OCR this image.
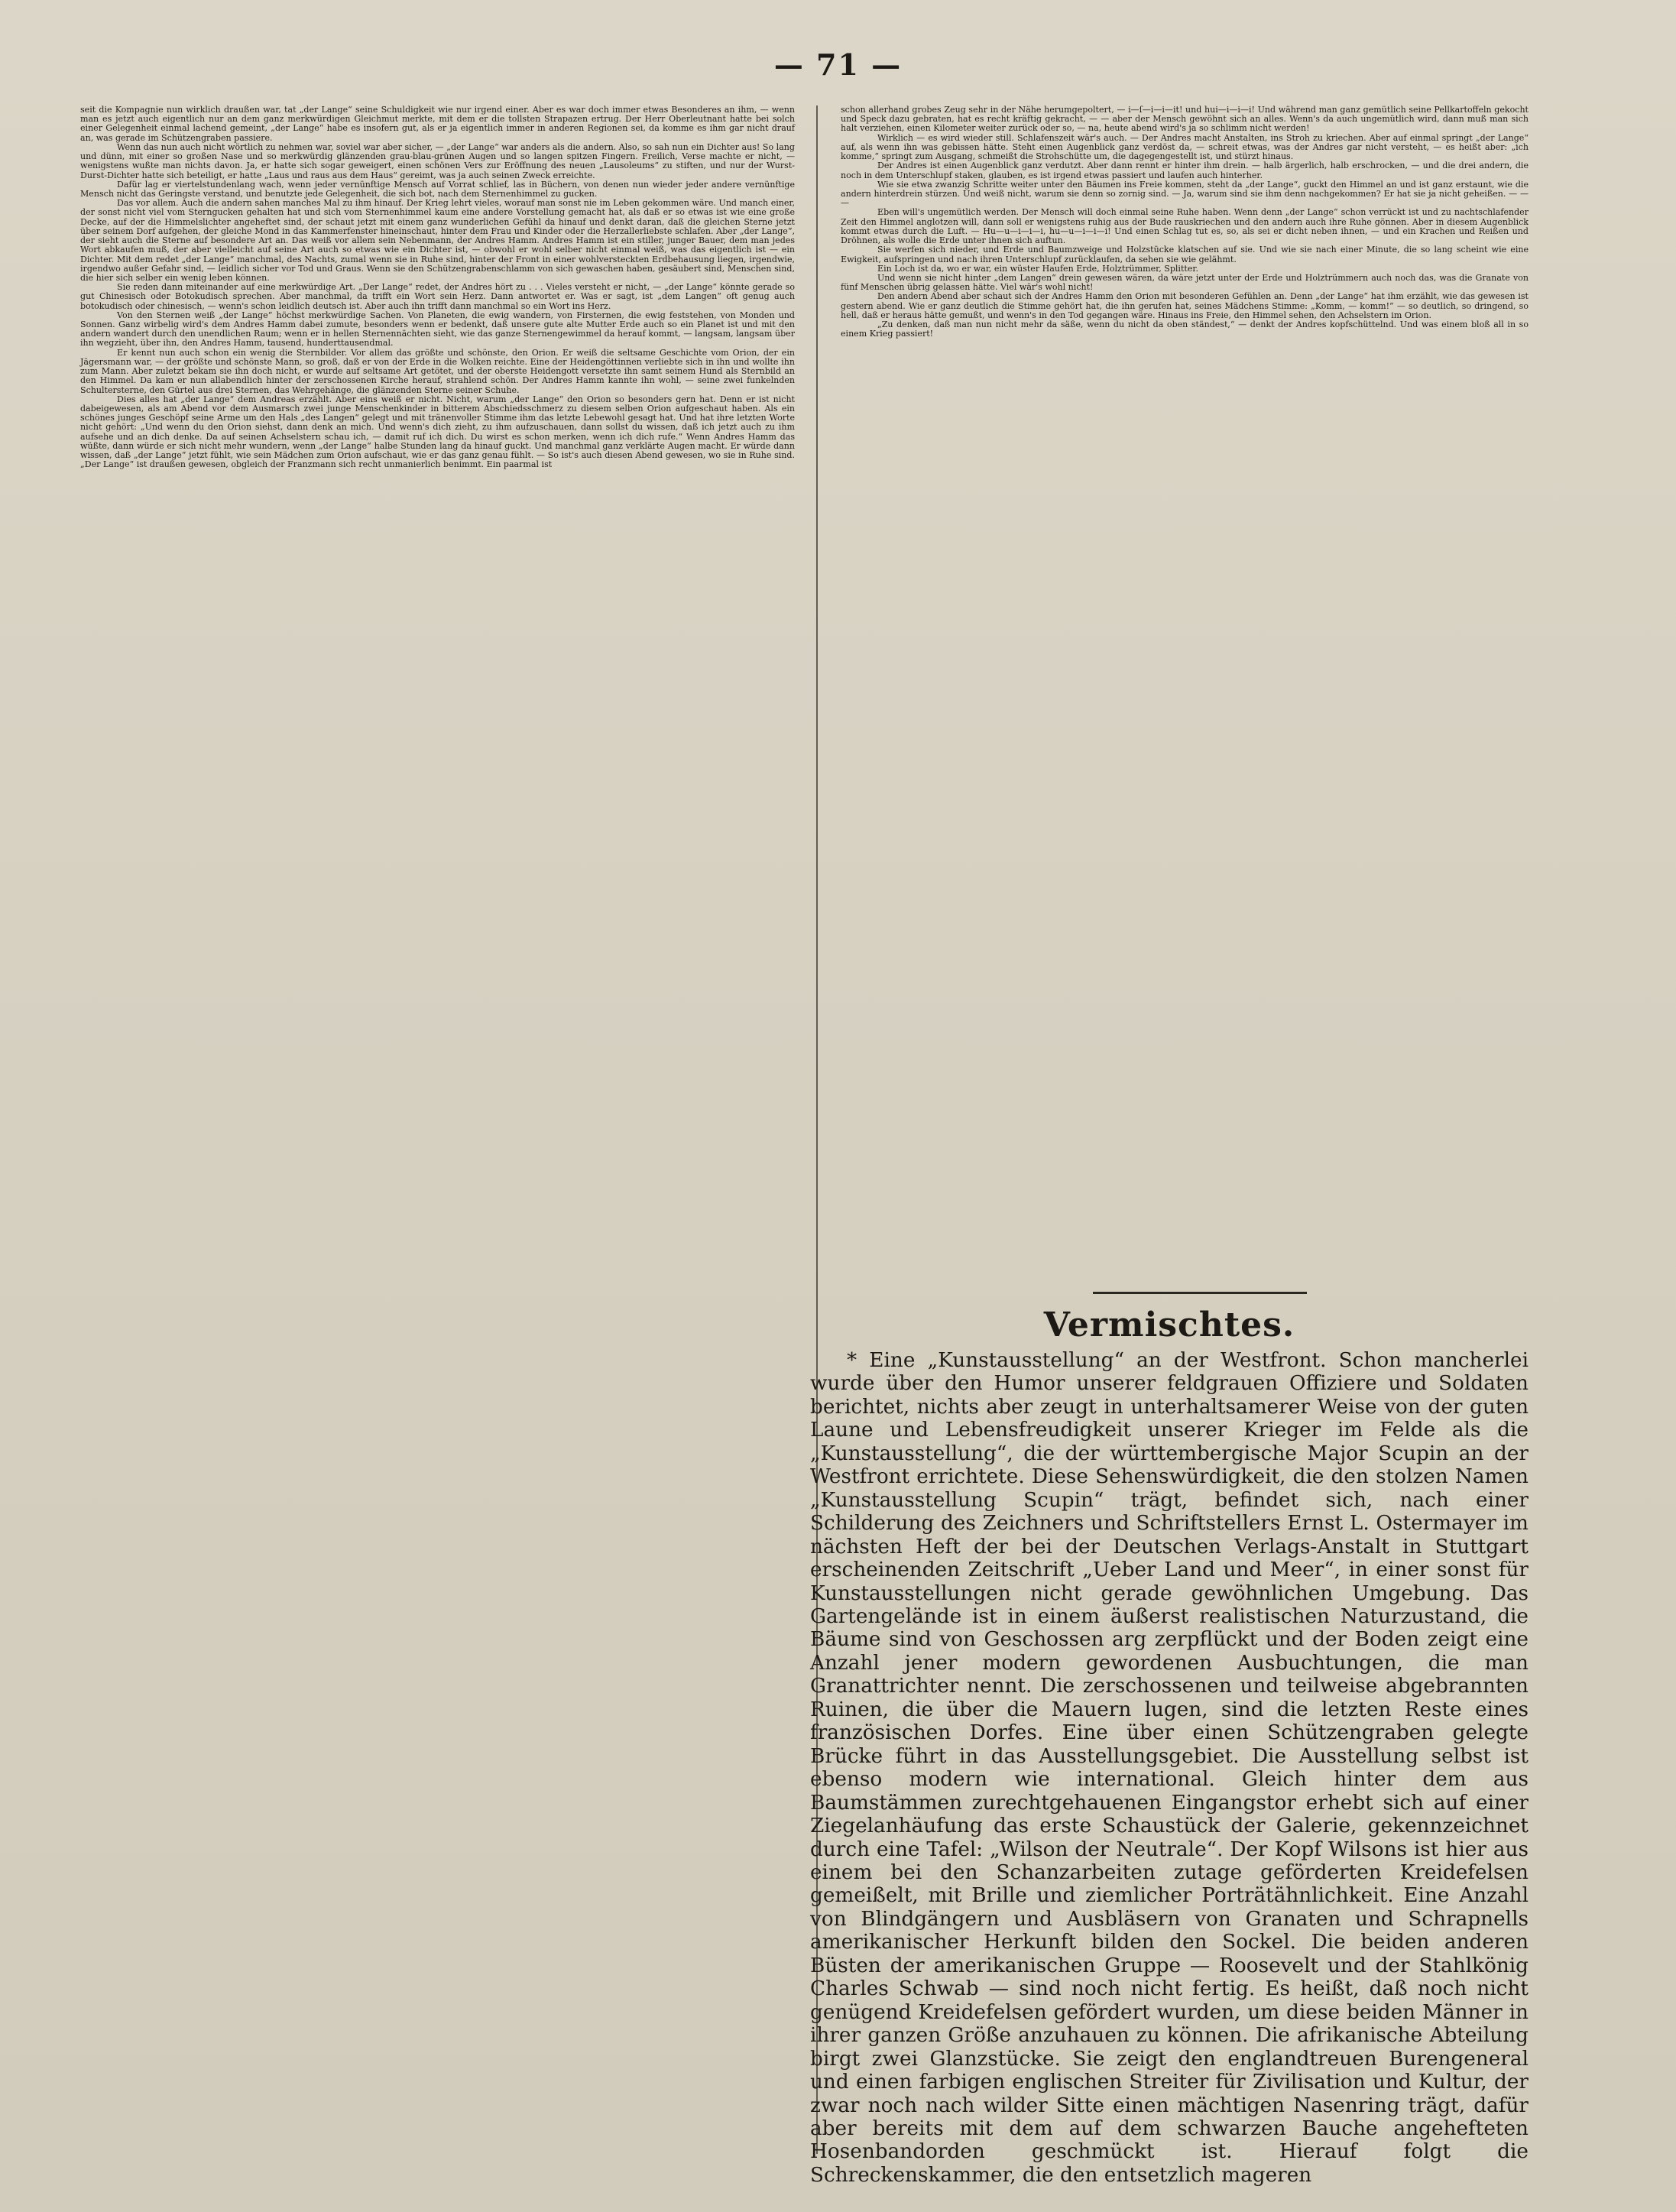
— 71 —

seit die Kompagnie nun wirklich draußen war, tat „der Lange“ seine Schuldigkeit wie nur irgend einer. Aber es war doch immer etwas Besonderes an ihm, — wenn man es jetzt auch eigentlich nur an dem ganz merkwürdigen Gleichmut merkte, mit dem er die tollsten Strapazen ertrug. Der Herr Oberleutnant hatte bei solch einer Gelegenheit einmal lachend gemeint, „der Lange“ habe es insofern gut, als er ja eigentlich immer in anderen Regionen sei, da komme es ihm gar nicht drauf an, was gerade im Schützengraben passiere.

Wenn das nun auch nicht wörtlich zu nehmen war, soviel war aber sicher, — „der Lange“ war anders als die andern. Also, so sah nun ein Dichter aus! So lang und dünn, mit einer so großen Nase und so merkwürdig glänzenden grau-blau-grünen Augen und so langen spitzen Fingern. Freilich, Verse machte er nicht, — wenigstens wußte man nichts davon. Ja, er hatte sich sogar geweigert, einen schönen Vers zur Eröffnung des neuen „Lausoleums“ zu stiften, und nur der Wurst-Durst-Dichter hatte sich beteiligt, er hatte „Laus und raus aus dem Haus“ gereimt, was ja auch seinen Zweck erreichte.

Dafür lag er viertelstundenlang wach, wenn jeder vernünftige Mensch auf Vorrat schlief, las in Büchern, von denen nun wieder jeder andere vernünftige Mensch nicht das Geringste verstand, und benutzte jede Gelegenheit, die sich bot, nach dem Sternenhimmel zu gucken.

Das vor allem. Auch die andern sahen manches Mal zu ihm hinauf. Der Krieg lehrt vieles, worauf man sonst nie im Leben gekommen wäre. Und manch einer, der sonst nicht viel vom Sterngucken gehalten hat und sich vom Sternenhimmel kaum eine andere Vorstellung gemacht hat, als daß er so etwas ist wie eine große Decke, auf der die Himmelslichter angeheftet sind, der schaut jetzt mit einem ganz wunderlichen Gefühl da hinauf und denkt daran, daß die gleichen Sterne jetzt über seinem Dorf aufgehen, der gleiche Mond in das Kammerfenster hineinschaut, hinter dem Frau und Kinder oder die Herzallerliebste schlafen. Aber „der Lange“, der sieht auch die Sterne auf besondere Art an. Das weiß vor allem sein Nebenmann, der Andres Hamm. Andres Hamm ist ein stiller, junger Bauer, dem man jedes Wort abkaufen muß, der aber vielleicht auf seine Art auch so etwas wie ein Dichter ist, — obwohl er wohl selber nicht einmal weiß, was das eigentlich ist — ein Dichter. Mit dem redet „der Lange“ manchmal, des Nachts, zumal wenn sie in Ruhe sind, hinter der Front in einer wohlversteckten Erdbehausung liegen, irgendwie, irgendwo außer Gefahr sind, — leidlich sicher vor Tod und Graus. Wenn sie den Schützengrabenschlamm von sich gewaschen haben, gesäubert sind, Menschen sind, die hier sich selber ein wenig leben können.

Sie reden dann miteinander auf eine merkwürdige Art. „Der Lange“ redet, der Andres hört zu . . . Vieles versteht er nicht, — „der Lange“ könnte gerade so gut Chinesisch oder Botokudisch sprechen. Aber manchmal, da trifft ein Wort sein Herz. Dann antwortet er. Was er sagt, ist „dem Langen“ oft genug auch botokudisch oder chinesisch, — wenn's schon leidlich deutsch ist. Aber auch ihn trifft dann manchmal so ein Wort ins Herz.

Von den Sternen weiß „der Lange“ höchst merkwürdige Sachen. Von Planeten, die ewig wandern, von Firsternen, die ewig feststehen, von Monden und Sonnen. Ganz wirbelig wird's dem Andres Hamm dabei zumute, besonders wenn er bedenkt, daß unsere gute alte Mutter Erde auch so ein Planet ist und mit den andern wandert durch den unendlichen Raum; wenn er in hellen Sternennächten sieht, wie das ganze Sternengewimmel da herauf kommt, — langsam, langsam über ihn wegzieht, über ihn, den Andres Hamm, tausend, hunderttausendmal.

Er kennt nun auch schon ein wenig die Sternbilder. Vor allem das größte und schönste, den Orion. Er weiß die seltsame Geschichte vom Orion, der ein Jägersmann war, — der größte und schönste Mann, so groß, daß er von der Erde in die Wolken reichte. Eine der Heidengöttinnen verliebte sich in ihn und wollte ihn zum Mann. Aber zuletzt bekam sie ihn doch nicht, er wurde auf seltsame Art getötet, und der oberste Heidengott versetzte ihn samt seinem Hund als Sternbild an den Himmel. Da kam er nun allabendlich hinter der zerschossenen Kirche herauf, strahlend schön. Der Andres Hamm kannte ihn wohl, — seine zwei funkelnden Schultersterne, den Gürtel aus drei Sternen, das Wehrgehänge, die glänzenden Sterne seiner Schuhe.

Dies alles hat „der Lange“ dem Andreas erzählt. Aber eins weiß er nicht. Nicht, warum „der Lange“ den Orion so besonders gern hat. Denn er ist nicht dabeigewesen, als am Abend vor dem Ausmarsch zwei junge Menschenkinder in bitterem Abschiedsschmerz zu diesem selben Orion aufgeschaut haben. Als ein schönes junges Geschöpf seine Arme um den Hals „des Langen“ gelegt und mit tränenvoller Stimme ihm das letzte Lebewohl gesagt hat. Und hat ihre letzten Worte nicht gehört: „Und wenn du den Orion siehst, dann denk an mich. Und wenn's dich zieht, zu ihm aufzuschauen, dann sollst du wissen, daß ich jetzt auch zu ihm aufsehe und an dich denke. Da auf seinen Achselstern schau ich, — damit ruf ich dich. Du wirst es schon merken, wenn ich dich rufe.“ Wenn Andres Hamm das wüßte, dann würde er sich nicht mehr wundern, wenn „der Lange“ halbe Stunden lang da hinauf guckt. Und manchmal ganz verklärte Augen macht. Er würde dann wissen, daß „der Lange“ jetzt fühlt, wie sein Mädchen zum Orion aufschaut, wie er das ganz genau fühlt. — So ist's auch diesen Abend gewesen, wo sie in Ruhe sind. „Der Lange“ ist draußen gewesen, obgleich der Franzmann sich recht unmanierlich benimmt. Ein paarmal ist

schon allerhand grobes Zeug sehr in der Nähe herumgepoltert, — i—ſ—i—i—it! und hui—i—i—i! Und während man ganz gemütlich seine Pellkartoffeln gekocht und Speck dazu gebraten, hat es recht kräftig gekracht, — — aber der Mensch gewöhnt sich an alles. Wenn's da auch ungemütlich wird, dann muß man sich halt verziehen, einen Kilometer weiter zurück oder so, — na, heute abend wird's ja so schlimm nicht werden!

Wirklich — es wird wieder still. Schlafenszeit wär's auch. — Der Andres macht Anstalten, ins Stroh zu kriechen. Aber auf einmal springt „der Lange“ auf, als wenn ihn was gebissen hätte. Steht einen Augenblick ganz verdöst da, — schreit etwas, was der Andres gar nicht versteht, — es heißt aber: „ich komme,“ springt zum Ausgang, schmeißt die Strohschütte um, die dagegengestellt ist, und stürzt hinaus.

Der Andres ist einen Augenblick ganz verdutzt. Aber dann rennt er hinter ihm drein. — halb ärgerlich, halb erschrocken, — und die drei andern, die noch in dem Unterschlupf staken, glauben, es ist irgend etwas passiert und laufen auch hinterher.

Wie sie etwa zwanzig Schritte weiter unter den Bäumen ins Freie kommen, steht da „der Lange“, guckt den Himmel an und ist ganz erstaunt, wie die andern hinterdrein stürzen. Und weiß nicht, warum sie denn so zornig sind. — Ja, warum sind sie ihm denn nachgekommen? Er hat sie ja nicht geheißen. — — —

Eben will's ungemütlich werden. Der Mensch will doch einmal seine Ruhe haben. Wenn denn „der Lange“ schon verrückt ist und zu nachtschlafender Zeit den Himmel anglotzen will, dann soll er wenigstens ruhig aus der Bude rauskriechen und den andern auch ihre Ruhe gönnen. Aber in diesem Augenblick kommt etwas durch die Luft. — Hu—u—i—i—i, hu—u—i—i—i! Und einen Schlag tut es, so, als sei er dicht neben ihnen, — und ein Krachen und Reißen und Dröhnen, als wolle die Erde unter ihnen sich auftun.

Sie werfen sich nieder, und Erde und Baumzweige und Holzstücke klatschen auf sie. Und wie sie nach einer Minute, die so lang scheint wie eine Ewigkeit, aufspringen und nach ihren Unterschlupf zurücklaufen, da sehen sie wie gelähmt.

Ein Loch ist da, wo er war, ein wüster Haufen Erde, Holztrümmer, Splitter.

Und wenn sie nicht hinter „dem Langen“ drein gewesen wären, da wäre jetzt unter der Erde und Holztrümmern auch noch das, was die Granate von fünf Menschen übrig gelassen hätte. Viel wär's wohl nicht!

Den andern Abend aber schaut sich der Andres Hamm den Orion mit besonderen Gefühlen an. Denn „der Lange“ hat ihm erzählt, wie das gewesen ist gestern abend. Wie er ganz deutlich die Stimme gehört hat, die ihn gerufen hat, seines Mädchens Stimme: „Komm, — komm!“ — so deutlich, so dringend, so hell, daß er heraus hätte gemußt, und wenn's in den Tod gegangen wäre. Hinaus ins Freie, den Himmel sehen, den Achselstern im Orion.

„Zu denken, daß man nun nicht mehr da säße, wenn du nicht da oben ständest,“ — denkt der Andres kopfschüttelnd. Und was einem bloß all in so einem Krieg passiert!

Vermischtes.

* Eine „Kunstausstellung“ an der Westfront. Schon mancherlei wurde über den Humor unserer feldgrauen Offiziere und Soldaten berichtet, nichts aber zeugt in unterhaltsamerer Weise von der guten Laune und Lebensfreudigkeit unserer Krieger im Felde als die „Kunstausstellung“, die der württembergische Major Scupin an der Westfront errichtete. Diese Sehenswürdigkeit, die den stolzen Namen „Kunstausstellung Scupin“ trägt, befindet sich, nach einer Schilderung des Zeichners und Schriftstellers Ernst L. Ostermayer im nächsten Heft der bei der Deutschen Verlags-Anstalt in Stuttgart erscheinenden Zeitschrift „Ueber Land und Meer“, in einer sonst für Kunstausstellungen nicht gerade gewöhnlichen Umgebung. Das Gartengelände ist in einem äußerst realistischen Naturzustand, die Bäume sind von Geschossen arg zerpflückt und der Boden zeigt eine Anzahl jener modern gewordenen Ausbuchtungen, die man Granattrichter nennt. Die zerschossenen und teilweise abgebrannten Ruinen, die über die Mauern lugen, sind die letzten Reste eines französischen Dorfes. Eine über einen Schützengraben gelegte Brücke führt in das Ausstellungsgebiet. Die Ausstellung selbst ist ebenso modern wie international. Gleich hinter dem aus Baumstämmen zurechtgehauenen Eingangstor erhebt sich auf einer Ziegelanhäufung das erste Schaustück der Galerie, gekennzeichnet durch eine Tafel: „Wilson der Neutrale“. Der Kopf Wilsons ist hier aus einem bei den Schanzarbeiten zutage geförderten Kreidefelsen gemeißelt, mit Brille und ziemlicher Porträtähnlichkeit. Eine Anzahl von Blindgängern und Ausbläsern von Granaten und Schrapnells amerikanischer Herkunft bilden den Sockel. Die beiden anderen Büsten der amerikanischen Gruppe — Roosevelt und der Stahlkönig Charles Schwab — sind noch nicht fertig. Es heißt, daß noch nicht genügend Kreidefelsen gefördert wurden, um diese beiden Männer in ihrer ganzen Größe anzuhauen zu können. Die afrikanische Abteilung birgt zwei Glanzstücke. Sie zeigt den englandtreuen Burengeneral und einen farbigen englischen Streiter für Zivilisation und Kultur, der zwar noch nach wilder Sitte einen mächtigen Nasenring trägt, dafür aber bereits mit dem auf dem schwarzen Bauche angehefteten Hosenbandorden geschmückt ist. Hierauf folgt die Schreckenskammer, die den entsetzlich mageren
